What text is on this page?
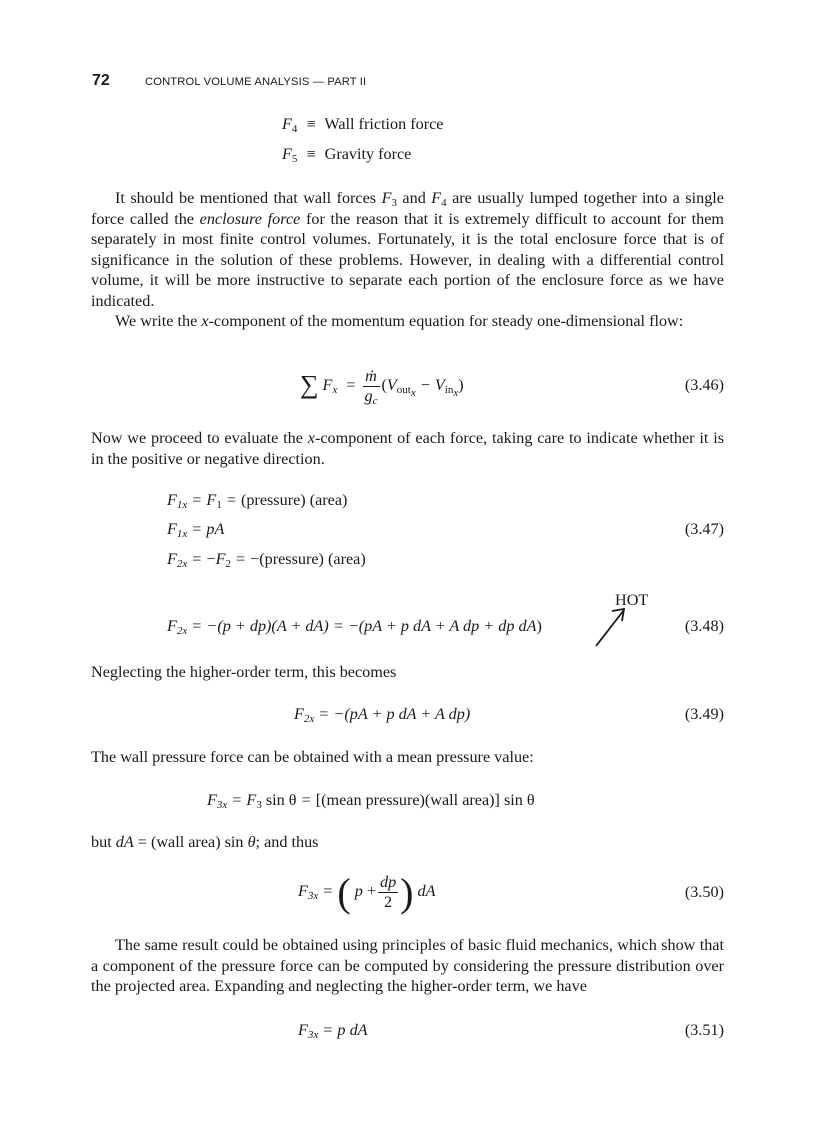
72	CONTROL VOLUME ANALYSIS — PART II
$F_4$ ≡ Wall friction force
$F_5$ ≡ Gravity force

It should be mentioned that wall forces $F_3$ and $F_4$ are usually lumped together into a single force called the enclosure force for the reason that it is extremely difficult to account for them separately in most finite control volumes. Fortunately, it is the total enclosure force that is of significance in the solution of these problems. However, in dealing with a differential control volume, it will be more instructive to separate each portion of the enclosure force as we have indicated.

We write the x-component of the momentum equation for steady one-dimensional flow:

∑ $F_x = \frac{\text{ṁ}}{g_c} (V_{out_x} - V_{in_x})$	(3.46)

Now we proceed to evaluate the x-component of each force, taking care to indicate whether it is in the positive or negative direction.

$F_{1x} = F_1$ = (pressure) (area)
$F_{1x}$ = pA	(3.47)
$F_{2x} = -F_2$ = −(pressure) (area)
HOT
$F_{2x} = -(p + dp)(A + dA) = -(pA + p$ dA + A dp + dp dA)	(3.48)

Neglecting the higher-order term, this becomes

$F_{2x} = -(pA + p$ dA + A dp)	(3.49)

The wall pressure force can be obtained with a mean pressure value:

$F_{3x} = F_3$ sin θ = [(mean pressure)(wall area)] sin θ

but dA = (wall area) sin θ; and thus

$F_{3x}$ = ( $p + \frac{dp}{2}$ ) dA	(3.50)

The same result could be obtained using principles of basic fluid mechanics, which show that a component of the pressure force can be computed by considering the pressure distribution over the projected area. Expanding and neglecting the higher-order term, we have

$F_{3x} = p$ dA	(3.51)
